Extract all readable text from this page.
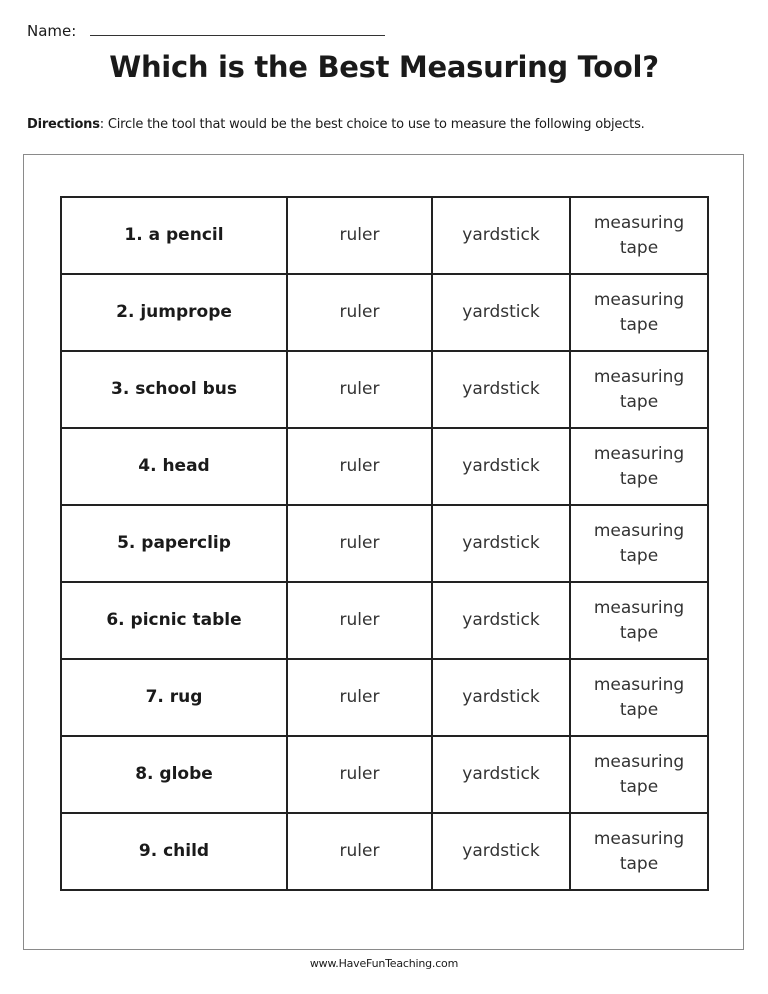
Name:
Which is the Best Measuring Tool?
Directions: Circle the tool that would be the best choice to use to measure the following objects.
1. a pencil	ruler	yardstick	measuring tape
2. jumprope	ruler	yardstick	measuring tape
3. school bus	ruler	yardstick	measuring tape
4. head	ruler	yardstick	measuring tape
5. paperclip	ruler	yardstick	measuring tape
6. picnic table	ruler	yardstick	measuring tape
7. rug	ruler	yardstick	measuring tape
8. globe	ruler	yardstick	measuring tape
9. child	ruler	yardstick	measuring tape
www.HaveFunTeaching.com
